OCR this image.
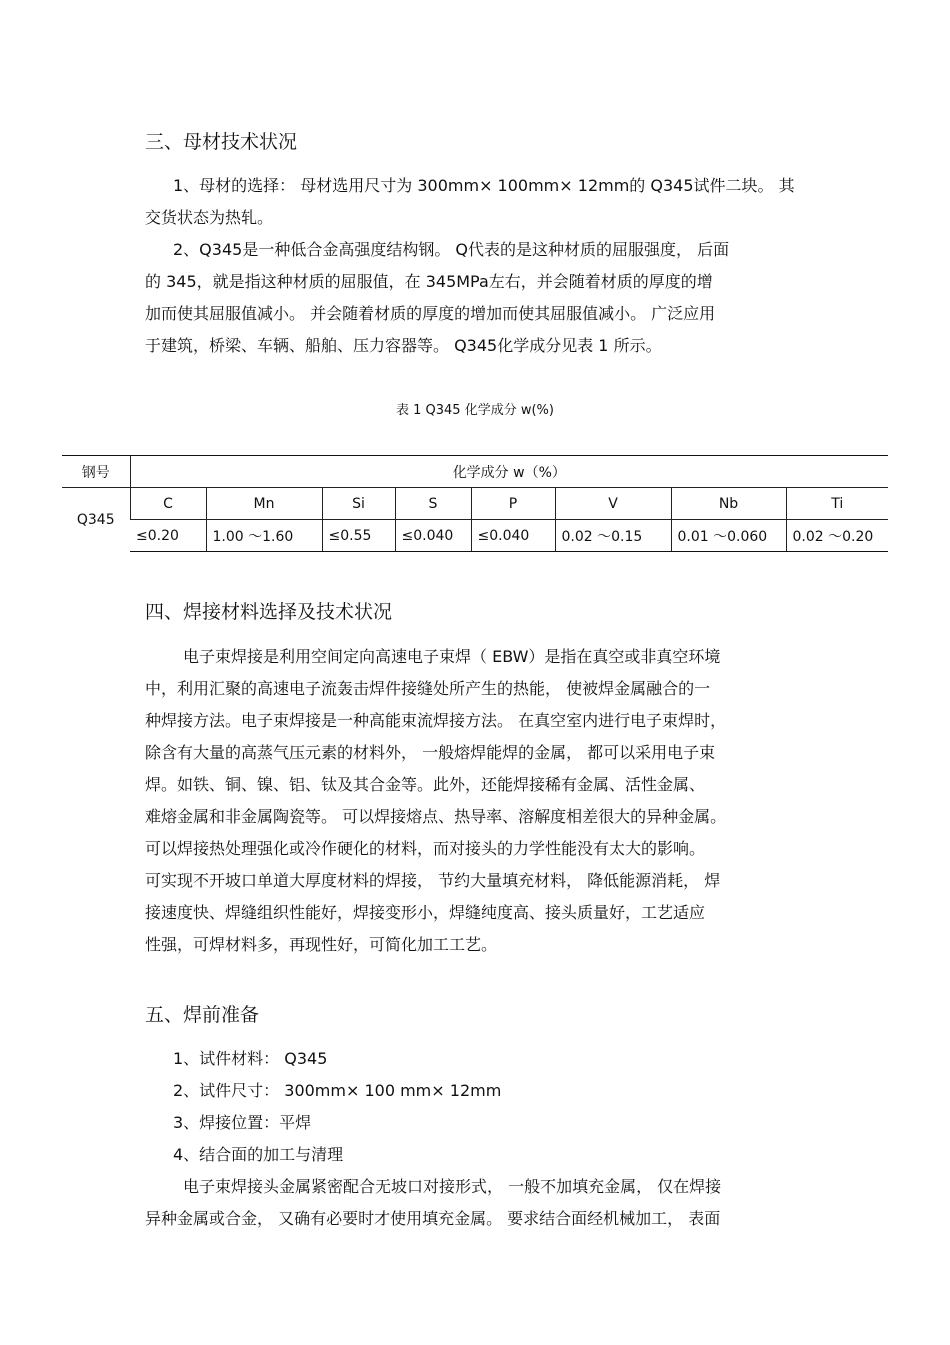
三、母材技术状况
1、母材的选择： 母材选用尺寸为 300mm× 100mm× 12mm的 Q345试件二块。 其
交货状态为热轧。
2、Q345是一种低合金高强度结构钢。 Q代表的是这种材质的屈服强度， 后面
的 345，就是指这种材质的屈服值，在 345MPa左右，并会随着材质的厚度的增
加而使其屈服值减小。 并会随着材质的厚度的增加而使其屈服值减小。 广泛应用
于建筑，桥梁、车辆、船舶、压力容器等。 Q345化学成分见表 1 所示。
表 1 Q345 化学成分 w(%)
钢号	化学成分 w（%）							
Q345	C	Mn	Si	S	P	V	Nb	Ti
	≤0.20	1.00 ～1.60	≤0.55	≤0.040	≤0.040	0.02 ～0.15	0.01 ～0.060	0.02 ～0.20
四、焊接材料选择及技术状况
电子束焊接是利用空间定向高速电子束焊（ EBW）是指在真空或非真空环境
中，利用汇聚的高速电子流轰击焊件接缝处所产生的热能， 使被焊金属融合的一
种焊接方法。电子束焊接是一种高能束流焊接方法。 在真空室内进行电子束焊时，
除含有大量的高蒸气压元素的材料外， 一般熔焊能焊的金属， 都可以采用电子束
焊。如铁、铜、镍、铝、钛及其合金等。此外，还能焊接稀有金属、活性金属、
难熔金属和非金属陶瓷等。 可以焊接熔点、热导率、溶解度相差很大的异种金属。
可以焊接热处理强化或冷作硬化的材料，而对接头的力学性能没有太大的影响。
可实现不开坡口单道大厚度材料的焊接， 节约大量填充材料， 降低能源消耗， 焊
接速度快、焊缝组织性能好，焊接变形小，焊缝纯度高、接头质量好，工艺适应
性强，可焊材料多，再现性好，可简化加工工艺。
五、焊前准备
1、试件材料： Q345
2、试件尺寸： 300mm× 100 mm× 12mm
3、焊接位置：平焊
4、结合面的加工与清理
电子束焊接头金属紧密配合无坡口对接形式， 一般不加填充金属， 仅在焊接
异种金属或合金， 又确有必要时才使用填充金属。 要求结合面经机械加工， 表面
